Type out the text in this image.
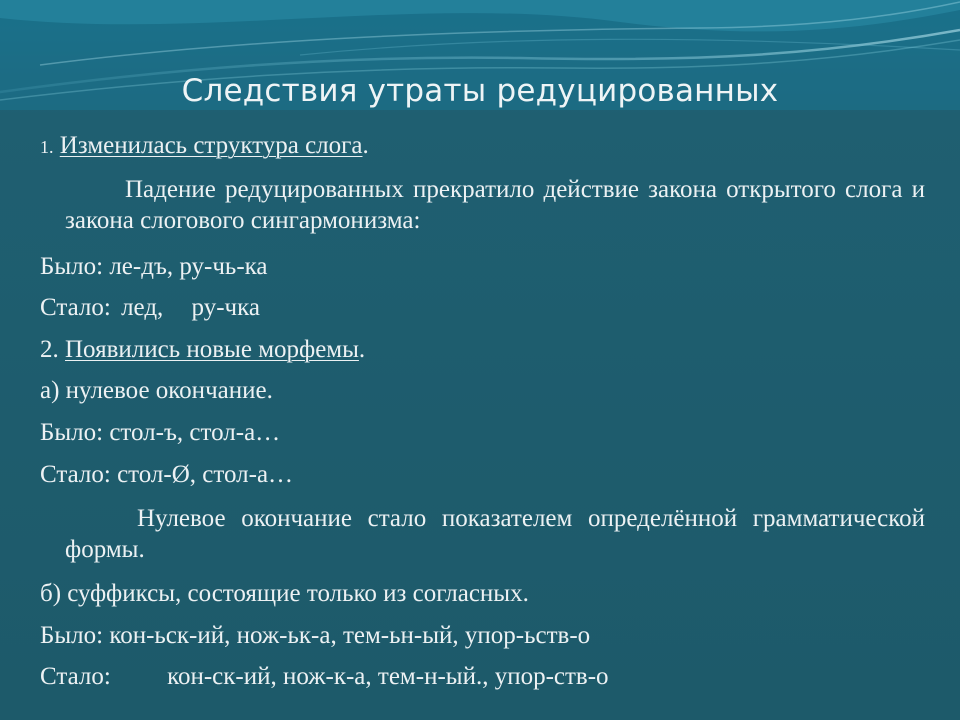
Следствия утраты редуцированных
1. Изменилась структура слога.
Падение редуцированных прекратило действие закона открытого слога и закона слогового сингармонизма:
Было: ле-дъ, ру-чь-ка
Стало: лед, ру-чка
2. Появились новые морфемы.
а) нулевое окончание.
Было: стол-ъ, стол-а…
Стало: стол-Ø, стол-а…
Нулевое окончание стало показателем определённой грамматической формы.
б) суффиксы, состоящие только из согласных.
Было: кон-ьск-ий, нож-ьк-а, тем-ьн-ый, упор-ьств-о
Стало: кон-ск-ий, нож-к-а, тем-н-ый., упор-ств-о
